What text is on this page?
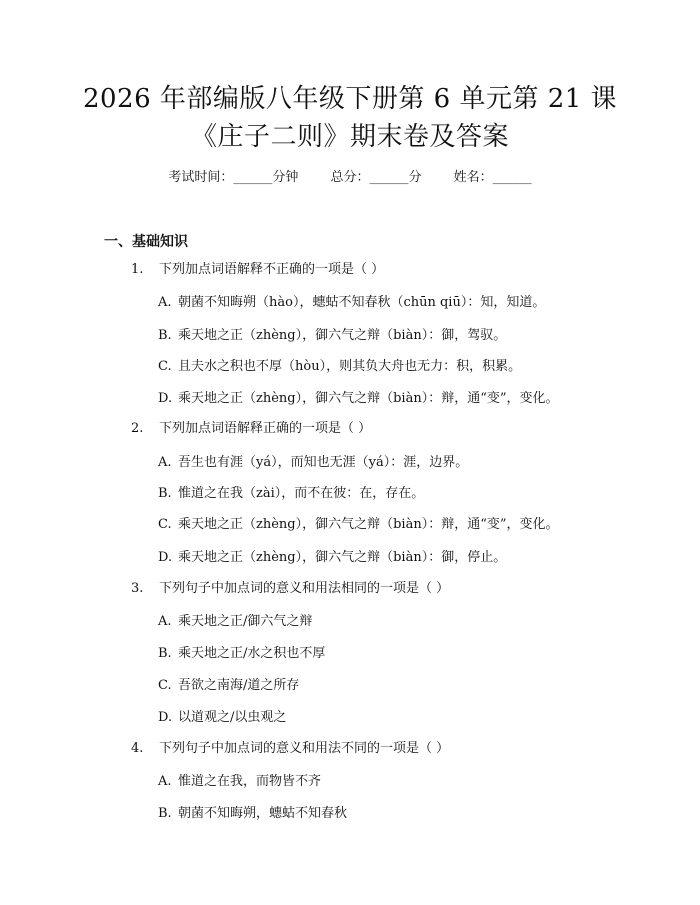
2026 年部编版八年级下册第 6 单元第 21 课
《庄子二则》期末卷及答案
考试时间：______分钟 总分：______分 姓名：______
一、基础知识
1. 下列加点词语解释不正确的一项是（ ）
A. 朝菌不知晦朔（hào），蟪蛄不知春秋（chūn qiū）：知，知道。
B. 乘天地之正（zhèng），御六气之辩（biàn）：御，驾驭。
C. 且夫水之积也不厚（hòu），则其负大舟也无力：积，积累。
D. 乘天地之正（zhèng），御六气之辩（biàn）：辩，通“变”，变化。
2. 下列加点词语解释正确的一项是（ ）
A. 吾生也有涯（yá），而知也无涯（yá）：涯，边界。
B. 惟道之在我（zài），而不在彼：在，存在。
C. 乘天地之正（zhèng），御六气之辩（biàn）：辩，通“变”，变化。
D. 乘天地之正（zhèng），御六气之辩（biàn）：御，停止。
3. 下列句子中加点词的意义和用法相同的一项是（ ）
A. 乘天地之正/御六气之辩
B. 乘天地之正/水之积也不厚
C. 吾欲之南海/道之所存
D. 以道观之/以虫观之
4. 下列句子中加点词的意义和用法不同的一项是（ ）
A. 惟道之在我，而物皆不齐
B. 朝菌不知晦朔，蟪蛄不知春秋
